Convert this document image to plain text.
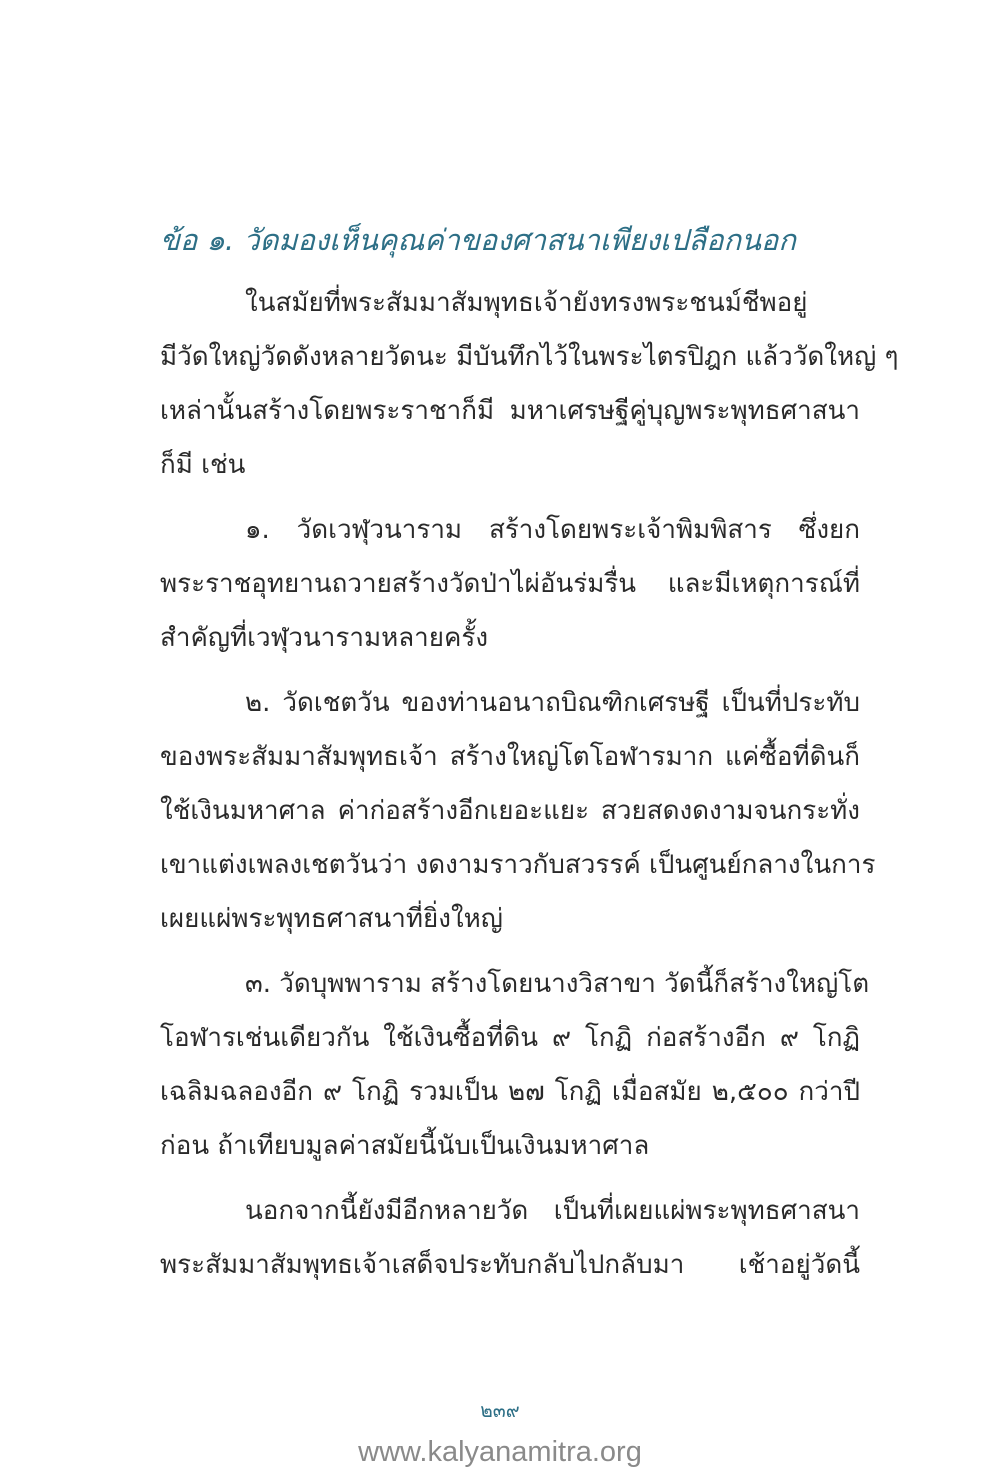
ข้อ ๑. วัดมองเห็นคุณค่าของศาสนาเพียงเปลือกนอก
ในสมัยที่พระสัมมาสัมพุทธเจ้ายังทรงพระชนม์ชีพอยู่
มีวัดใหญ่วัดดังหลายวัดนะ มีบันทึกไว้ในพระไตรปิฎก แล้ววัดใหญ่ ๆ
เหล่านั้นสร้างโดยพระราชาก็มี มหาเศรษฐีคู่บุญพระพุทธศาสนา
ก็มี เช่น
๑. วัดเวฬุวนาราม สร้างโดยพระเจ้าพิมพิสาร ซึ่งยก
พระราชอุทยานถวายสร้างวัดป่าไผ่อันร่มรื่น และมีเหตุการณ์ที่
สำคัญที่เวฬุวนารามหลายครั้ง
๒. วัดเชตวัน ของท่านอนาถบิณฑิกเศรษฐี เป็นที่ประทับ
ของพระสัมมาสัมพุทธเจ้า สร้างใหญ่โตโอฬารมาก แค่ซื้อที่ดินก็
ใช้เงินมหาศาล ค่าก่อสร้างอีกเยอะแยะ สวยสดงดงามจนกระทั่ง
เขาแต่งเพลงเชตวันว่า งดงามราวกับสวรรค์ เป็นศูนย์กลางในการ
เผยแผ่พระพุทธศาสนาที่ยิ่งใหญ่
๓. วัดบุพพาราม สร้างโดยนางวิสาขา วัดนี้ก็สร้างใหญ่โต
โอฬารเช่นเดียวกัน ใช้เงินซื้อที่ดิน ๙ โกฏิ ก่อสร้างอีก ๙ โกฏิ
เฉลิมฉลองอีก ๙ โกฏิ รวมเป็น ๒๗ โกฏิ เมื่อสมัย ๒,๕๐๐ กว่าปี
ก่อน ถ้าเทียบมูลค่าสมัยนี้นับเป็นเงินมหาศาล
นอกจากนี้ยังมีอีกหลายวัด เป็นที่เผยแผ่พระพุทธศาสนา
พระสัมมาสัมพุทธเจ้าเสด็จประทับกลับไปกลับมา เช้าอยู่วัดนี้
๒๓๙
www.kalyanamitra.org
